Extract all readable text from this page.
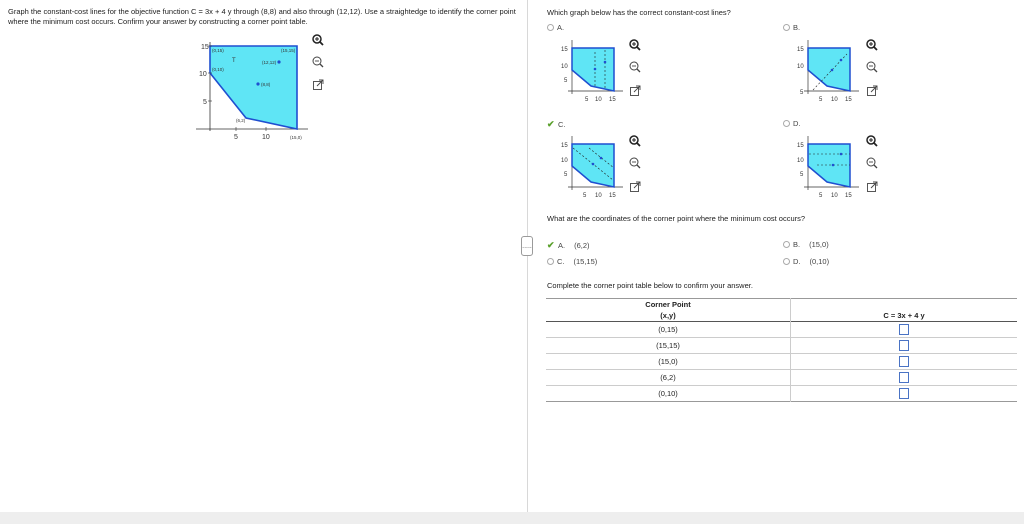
Graph the constant-cost lines for the objective function C = 3x + 4 y through (8,8) and also through (12,12). Use a straightedge to identify the corner point where the minimum cost occurs. Confirm your answer by constructing a corner point table.
15
10
5
5	10
(0,15)	(15,15)
(0,10)
T	(12,12)
(8,8)
(6,2)
(15,0)
.....
Which graph below has the correct constant-cost lines?
A.	B.
✔ C.	D.
15
10
5
5 10 15
15
10
5
5 10 15
15
10
5
5 10 15
15
10
5
5 10 15
What are the coordinates of the corner point where the minimum cost occurs?
✔ A. (6,2)	B. (15,0)
C. (15,15)	D. (0,10)
Complete the corner point table below to confirm your answer.
Corner Point	
(x,y)	C = 3x + 4 y
(0,15)	
(15,15)	
(15,0)	
(6,2)	
(0,10)	
